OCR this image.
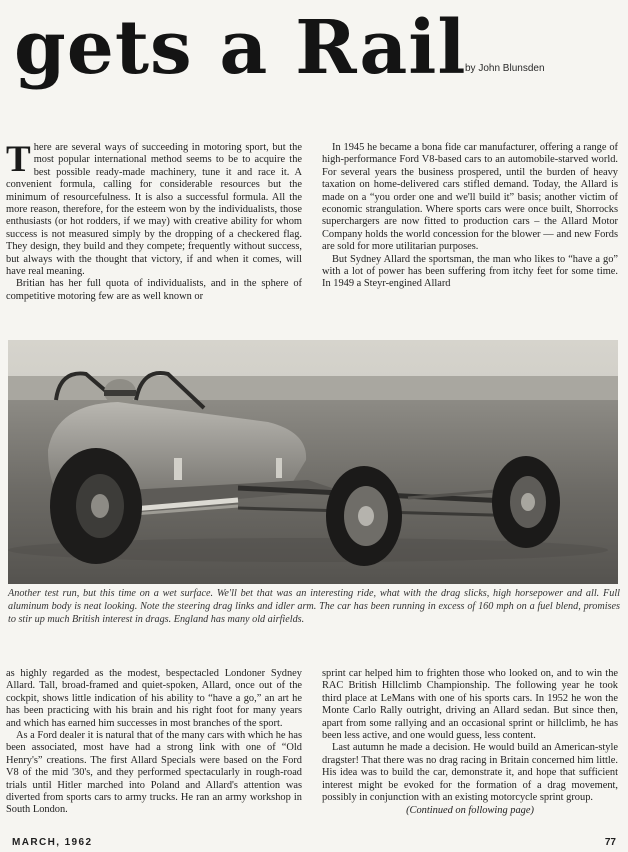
gets a Rail
by John Blunsden

There are several ways of succeeding in motoring sport, but the most popular international method seems to be to acquire the best possible ready-made machinery, tune it and race it. A convenient formula, calling for considerable resources but the minimum of resourcefulness. It is also a successful formula. All the more reason, therefore, for the esteem won by the individualists, those enthusiasts (or hot rodders, if we may) with creative ability for whom success is not measured simply by the dropping of a checkered flag. They design, they build and they compete; frequently without success, but always with the thought that victory, if and when it comes, will have real meaning.

Britian has her full quota of individualists, and in the sphere of competitive motoring few are as well known or

In 1945 he became a bona fide car manufacturer, offering a range of high-performance Ford V8-based cars to an automobile-starved world. For several years the business prospered, until the burden of heavy taxation on home-delivered cars stifled demand. Today, the Allard is made on a “you order one and we'll build it” basis; another victim of economic strangulation. Where sports cars were once built, Shorrocks superchargers are now fitted to production cars – the Allard Motor Company holds the world concession for the blower — and new Fords are sold for more utilitarian purposes.

But Sydney Allard the sportsman, the man who likes to “have a go” with a lot of power has been suffering from itchy feet for some time. In 1949 a Steyr-engined Allard

Another test run, but this time on a wet surface. We'll bet that was an interesting ride, what with the drag slicks, high horsepower and all. Full aluminum body is neat looking. Note the steering drag links and idler arm. The car has been running in excess of 160 mph on a fuel blend, promises to stir up much British interest in drags. England has many old airfields.

as highly regarded as the modest, bespectacled Londoner Sydney Allard. Tall, broad-framed and quiet-spoken, Allard, once out of the cockpit, shows little indication of his ability to “have a go,” an art he has been practicing with his brain and his right foot for many years and which has earned him successes in most branches of the sport.

As a Ford dealer it is natural that of the many cars with which he has been associated, most have had a strong link with one of “Old Henry's” creations. The first Allard Specials were based on the Ford V8 of the mid '30's, and they performed spectacularly in rough-road trials until Hitler marched into Poland and Allard's attention was diverted from sports cars to army trucks. He ran an army workshop in South London.

sprint car helped him to frighten those who looked on, and to win the RAC British Hillclimb Championship. The following year he took third place at LeMans with one of his sports cars. In 1952 he won the Monte Carlo Rally outright, driving an Allard sedan. But since then, apart from some rallying and an occasional sprint or hillclimb, he has been less active, and one would guess, less content.

Last autumn he made a decision. He would build an American-style dragster! That there was no drag racing in Britain concerned him little. His idea was to build the car, demonstrate it, and hope that sufficient interest might be evoked for the formation of a drag movement, possibly in conjunction with an existing motorcycle sprint group.

(Continued on following page)
MARCH, 1962	77
